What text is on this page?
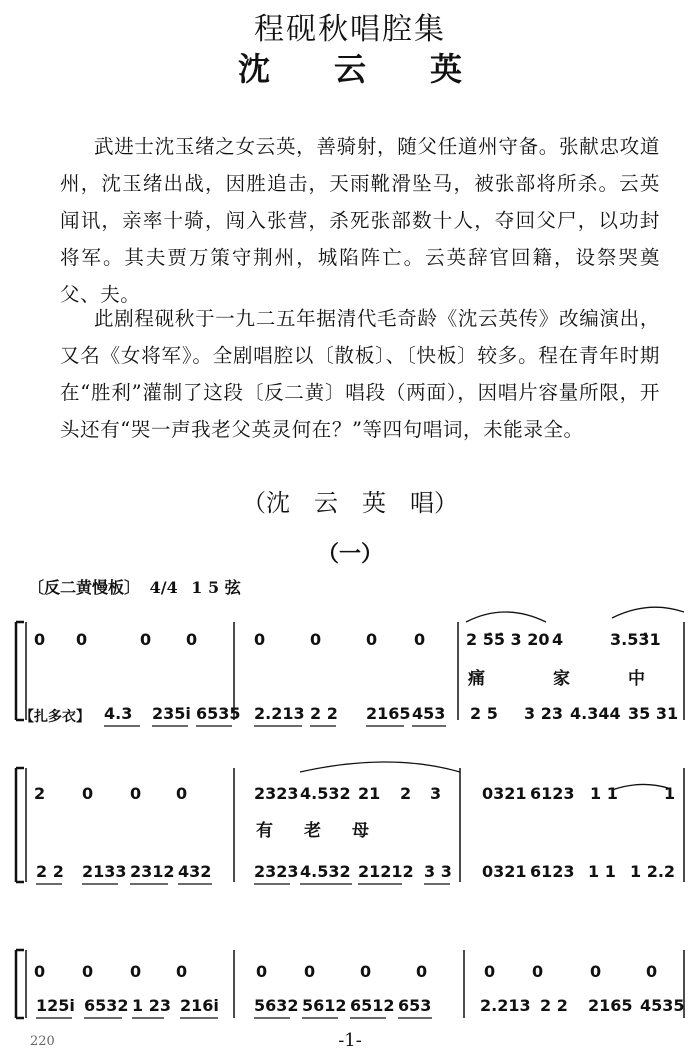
程砚秋唱腔集
沈　　云　　英
武进士沈玉绪之女云英，善骑射，随父任道州守备。张献忠攻道州，沈玉绪出战，因胜追击，天雨靴滑坠马，被张部将所杀。云英闻讯，亲率十骑，闯入张营，杀死张部数十人，夺回父尸，以功封将军。其夫贾万策守荆州，城陷阵亡。云英辞官回籍，设祭哭奠父、夫。
此剧程砚秋于一九二五年据清代毛奇龄《沈云英传》改编演出，又名《女将军》。全剧唱腔以〔散板〕、〔快板〕较多。程在青年时期在“胜利”灌制了这段〔反二黄〕唱段（两面），因唱片容量所限，开头还有“哭一声我老父英灵何在？”等四句唱词，未能录全。
（沈　云　英　唱）
（一）
〔反二黄慢板〕 4/4 1 5 弦
0 0	0 0	0	0	0 0	2 5̇5̇ 3 20 4	3.53̇1
痛	家	中
【扎多衣】 4.3 235i 6535 2.213 2 2 2165 453 2 5 3 23 4.344 35 31
2 0 0 0	2323 4.532 21 2 3	0321 6123 1 1	1
有 老 母
2 2 2133 2312 432	2323 4.532 21212 3 3 0321 6123 1 1 1 2.2
0 0 0 0	0 0	0	0	0 0	0	0
125i 6532 1 23 216i 5632 5612 6512 653	2.213 2 2 2165 4535
220	-1-
